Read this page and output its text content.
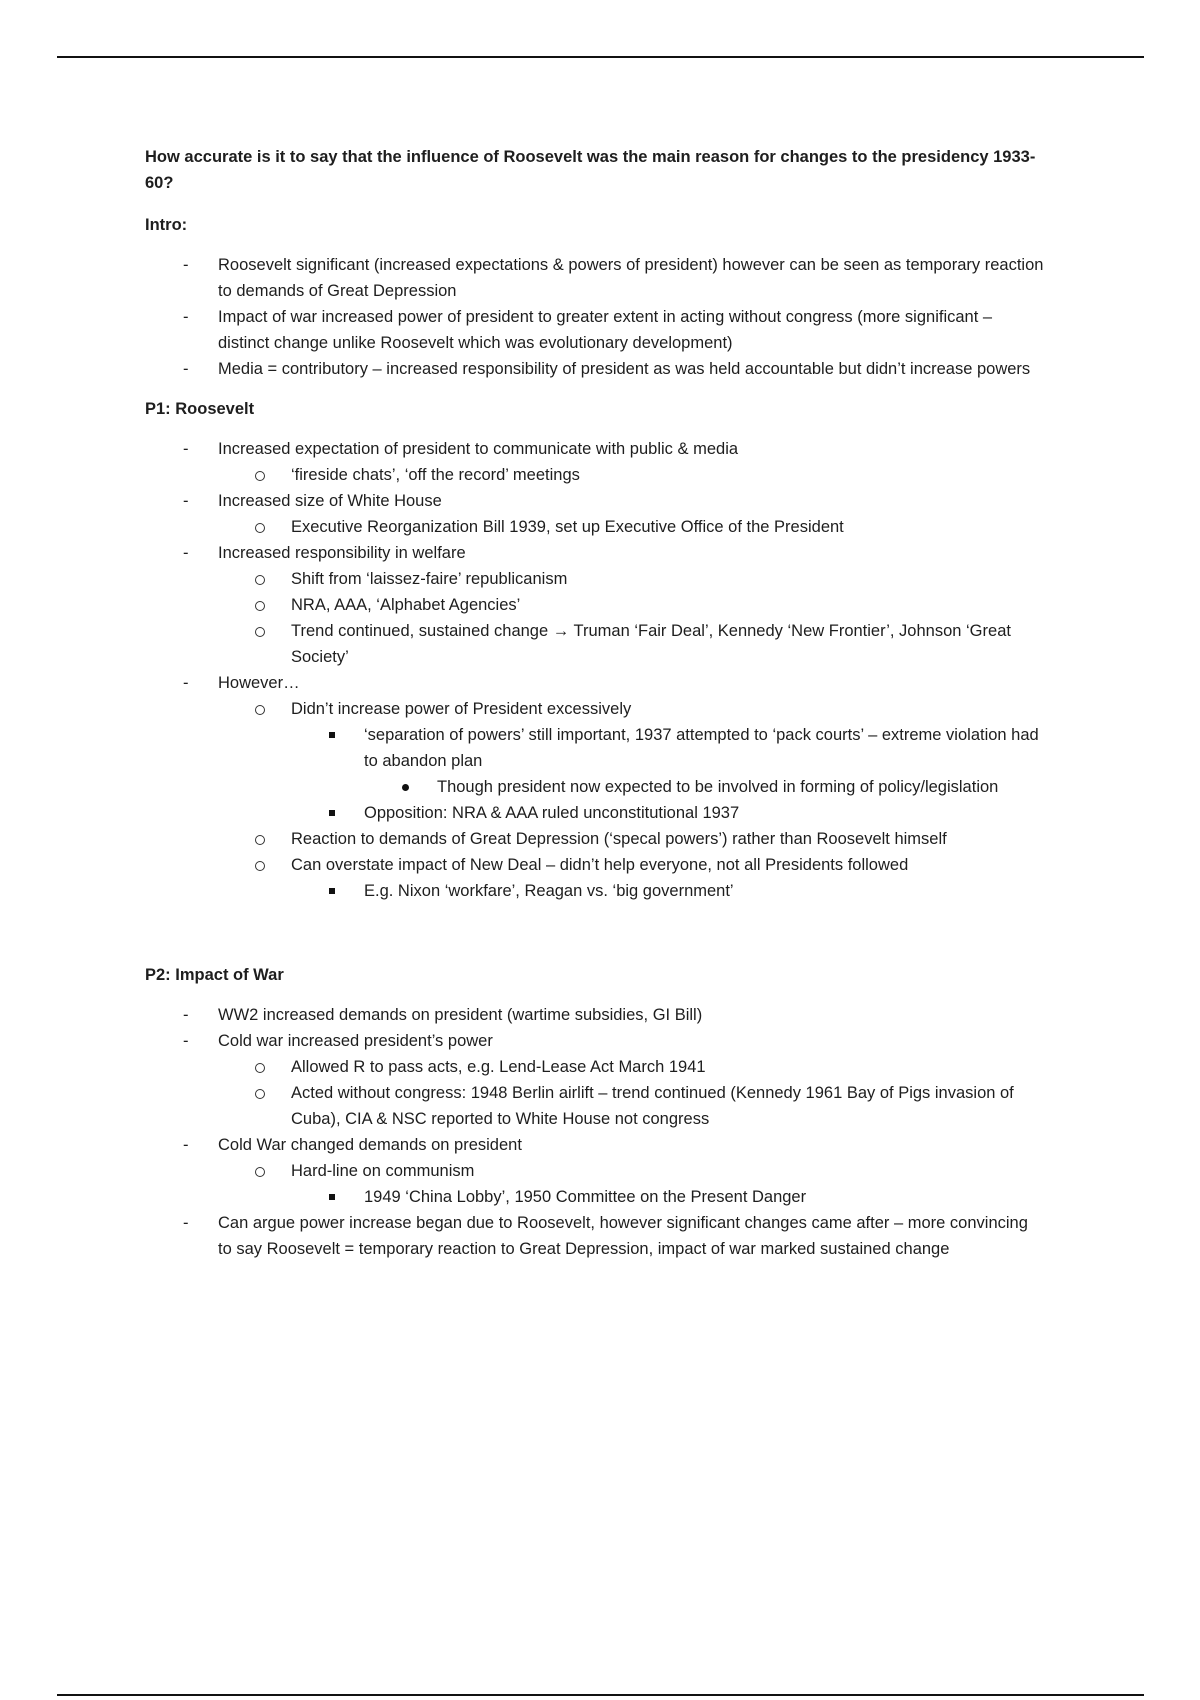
How accurate is it to say that the influence of Roosevelt was the main reason for changes to the presidency 1933-60?

Intro:

-	Roosevelt significant (increased expectations & powers of president) however can be seen as temporary reaction to demands of Great Depression
-	Impact of war increased power of president to greater extent in acting without congress (more significant – distinct change unlike Roosevelt which was evolutionary development)
-	Media = contributory – increased responsibility of president as was held accountable but didn’t increase powers

P1: Roosevelt

-	Increased expectation of president to communicate with public & media
‘fireside chats’, ‘off the record’ meetings
-	Increased size of White House
Executive Reorganization Bill 1939, set up Executive Office of the President
-	Increased responsibility in welfare
Shift from ‘laissez-faire’ republicanism
NRA, AAA, ‘Alphabet Agencies’
Trend continued, sustained change → Truman ‘Fair Deal’, Kennedy ‘New Frontier’, Johnson ‘Great Society’
-	However…
Didn’t increase power of President excessively
‘separation of powers’ still important, 1937 attempted to ‘pack courts’ – extreme violation had to abandon plan
Though president now expected to be involved in forming of policy/legislation
Opposition: NRA & AAA ruled unconstitutional 1937
Reaction to demands of Great Depression (‘specal powers’) rather than Roosevelt himself
Can overstate impact of New Deal – didn’t help everyone, not all Presidents followed
E.g. Nixon ‘workfare’, Reagan vs. ‘big government’

P2: Impact of War

-	WW2 increased demands on president (wartime subsidies, GI Bill)
-	Cold war increased president’s power
Allowed R to pass acts, e.g. Lend-Lease Act March 1941
Acted without congress: 1948 Berlin airlift – trend continued (Kennedy 1961 Bay of Pigs invasion of Cuba), CIA & NSC reported to White House not congress
-	Cold War changed demands on president
Hard-line on communism
1949 ‘China Lobby’, 1950 Committee on the Present Danger
-	Can argue power increase began due to Roosevelt, however significant changes came after – more convincing to say Roosevelt = temporary reaction to Great Depression, impact of war marked sustained change
